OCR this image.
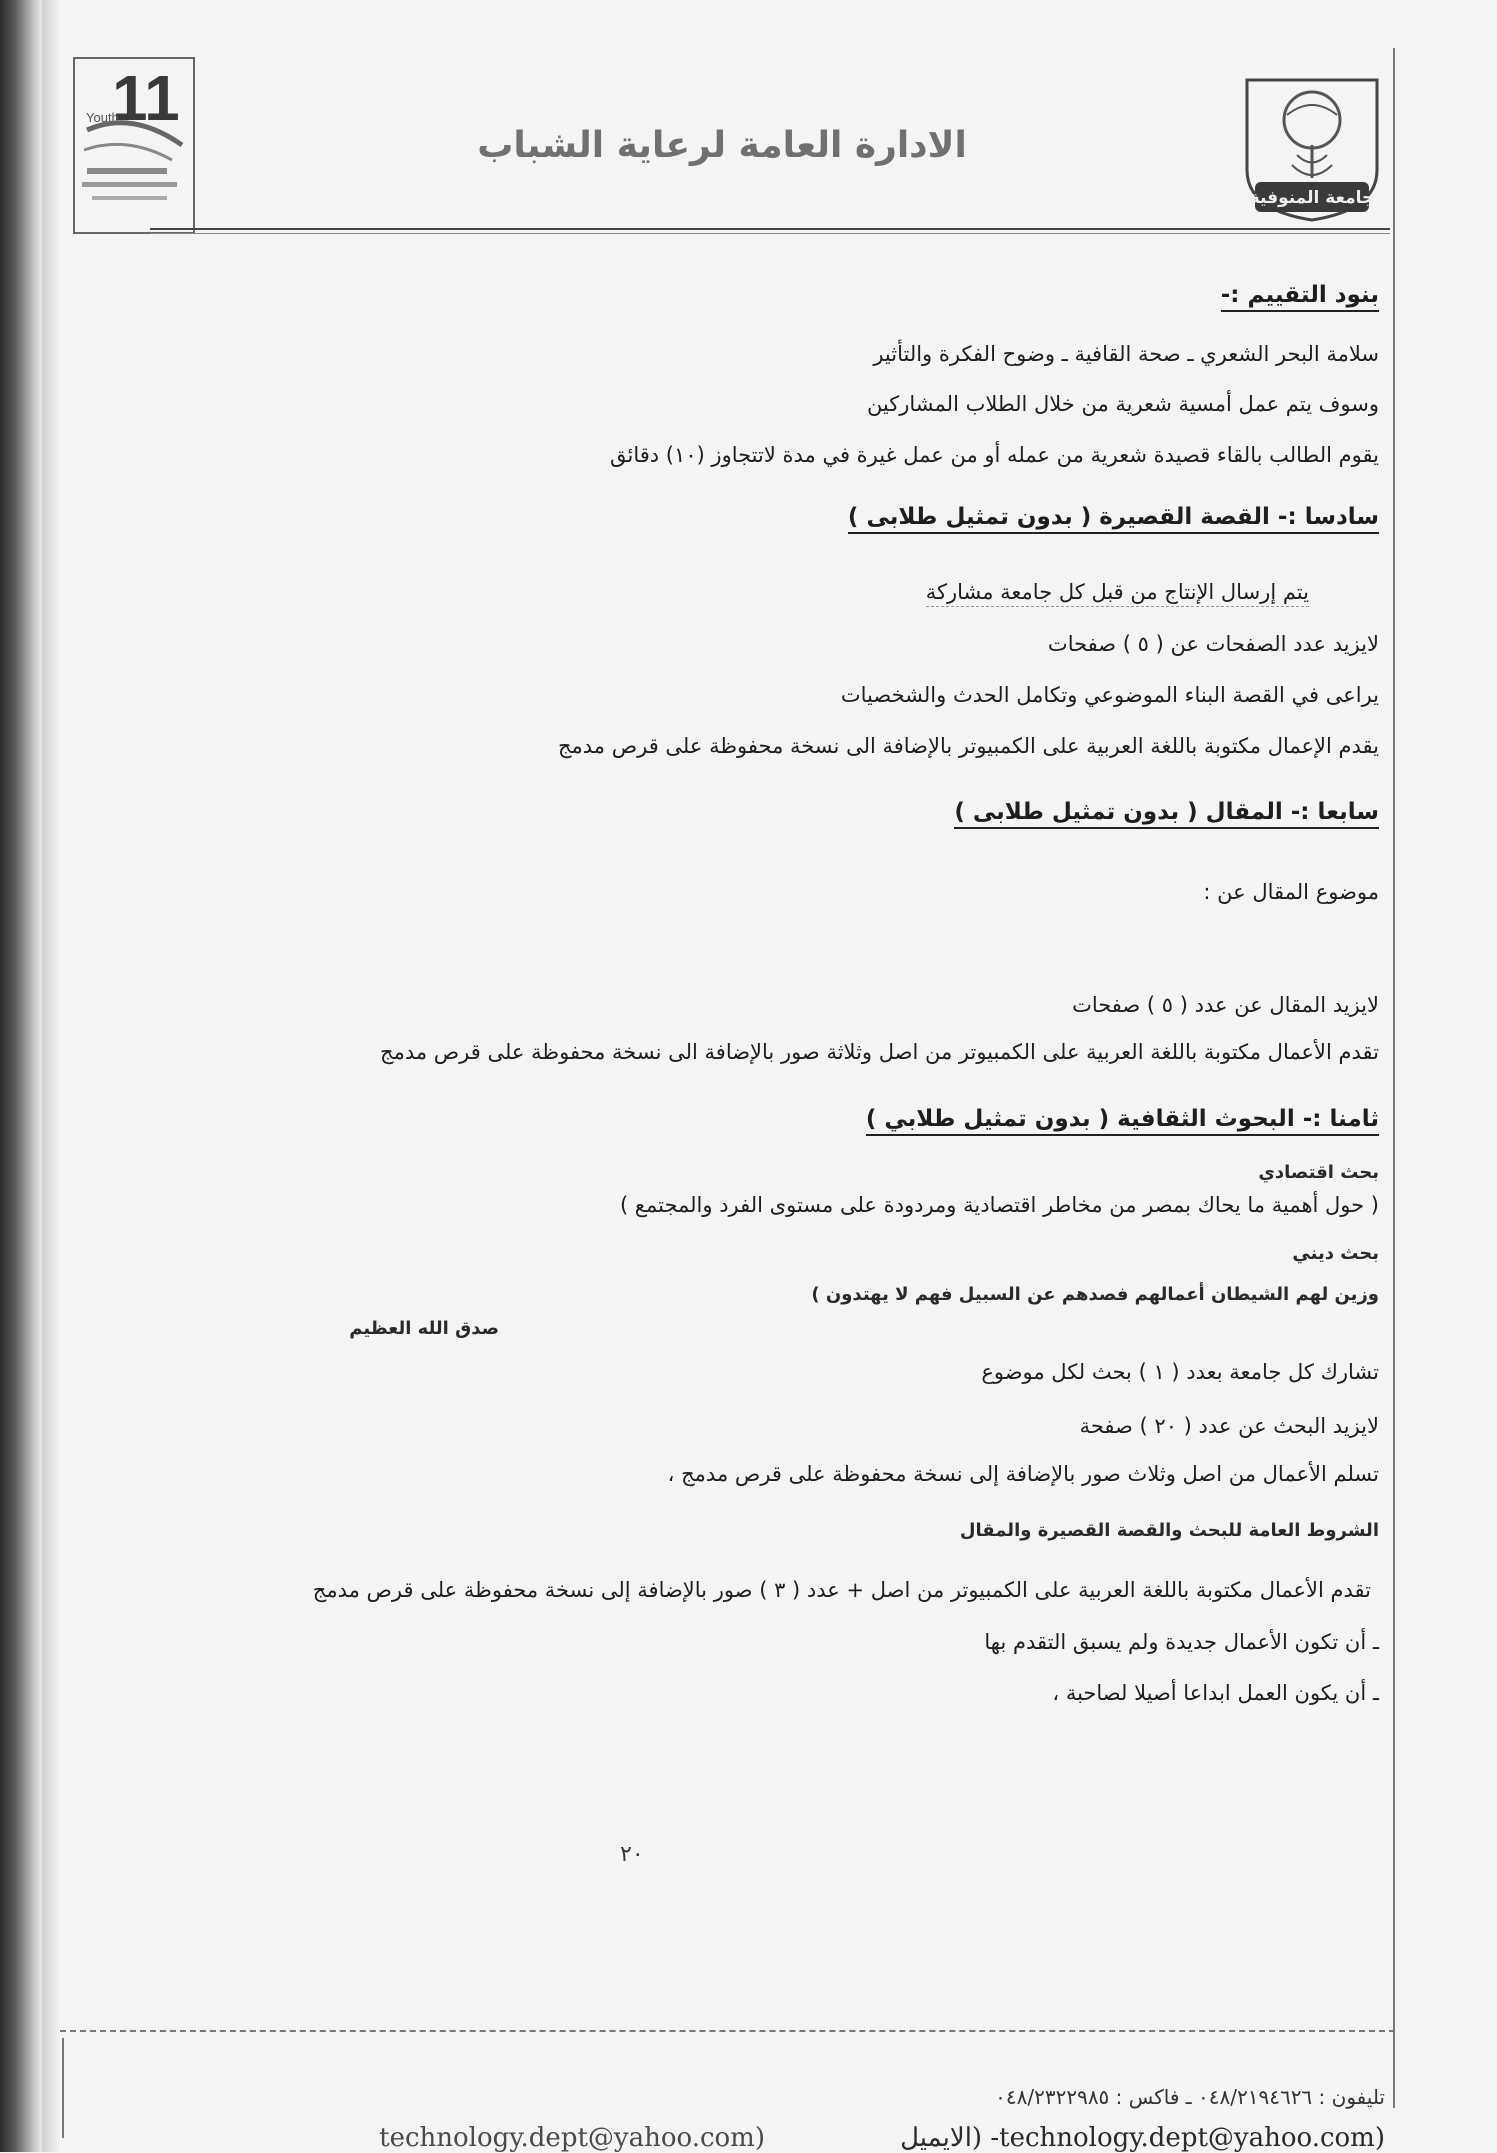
11
Youth
الادارة العامة لرعاية الشباب
جامعة المنوفية
بنود التقييم :-
سلامة البحر الشعري ـ صحة القافية ـ وضوح الفكرة والتأثير
وسوف يتم عمل أمسية شعرية من خلال الطلاب المشاركين
يقوم الطالب بالقاء قصيدة شعرية من عمله أو من عمل غيرة في مدة لاتتجاوز (١٠) دقائق
سادسا :- القصة القصيرة ( بدون تمثيل طلابى )
يتم إرسال الإنتاج من قبل كل جامعة مشاركة
لايزيد عدد الصفحات عن ( ٥ ) صفحات
يراعى في القصة البناء الموضوعي وتكامل الحدث والشخصيات
يقدم الإعمال مكتوبة باللغة العربية على الكمبيوتر بالإضافة الى نسخة محفوظة على قرص مدمج
سابعا :- المقال ( بدون تمثيل طلابى )
موضوع المقال عن :
لايزيد المقال عن عدد ( ٥ ) صفحات
تقدم الأعمال مكتوبة باللغة العربية على الكمبيوتر من اصل وثلاثة صور بالإضافة الى نسخة محفوظة على قرص مدمج
ثامنا :- البحوث الثقافية ( بدون تمثيل طلابي )
بحث اقتصادي
( حول أهمية ما يحاك بمصر من مخاطر اقتصادية ومردودة على مستوى الفرد والمجتمع )
بحث ديني
وزين لهم الشيطان أعمالهم فصدهم عن السبيل فهم لا يهتدون )
صدق الله العظيم
تشارك كل جامعة بعدد ( ١ ) بحث لكل موضوع
لايزيد البحث عن عدد ( ٢٠ ) صفحة
تسلم الأعمال من اصل وثلاث صور بالإضافة إلى نسخة محفوظة على قرص مدمج ،
الشروط العامة للبحث والقصة القصيرة والمقال
تقدم الأعمال مكتوبة باللغة العربية على الكمبيوتر من اصل + عدد ( ٣ ) صور بالإضافة إلى نسخة محفوظة على قرص مدمج
ـ أن تكون الأعمال جديدة ولم يسبق التقدم بها
ـ أن يكون العمل ابداعا أصيلا لصاحبة ،
٢٠
تليفون : ٠٤٨/٢١٩٤٦٢٦ ـ فاكس : ٠٤٨/٢٣٢٢٩٨٥
(technology.dept@yahoo.com- (الايميل
(technology.dept@yahoo.com
